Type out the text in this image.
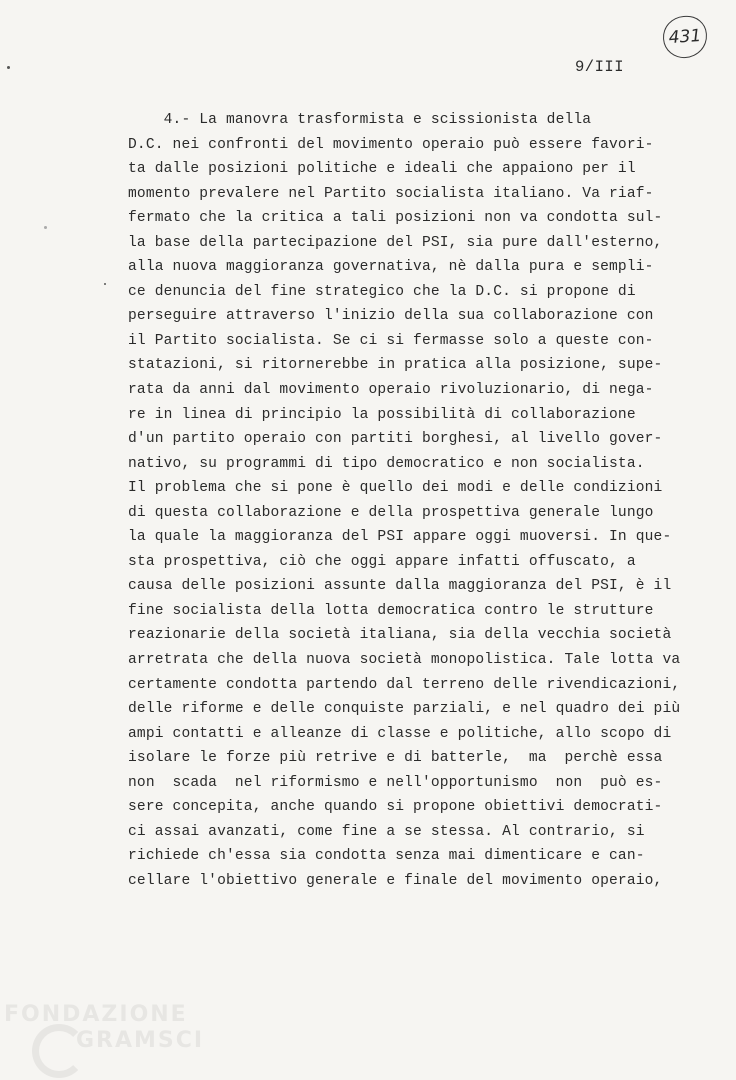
431
9/III
4.- La manovra trasformista e scissionista della
D.C. nei confronti del movimento operaio può essere favori-
ta dalle posizioni politiche e ideali che appaiono per il
momento prevalere nel Partito socialista italiano. Va riaf-
fermato che la critica a tali posizioni non va condotta sul-
la base della partecipazione del PSI, sia pure dall'esterno,
alla nuova maggioranza governativa, nè dalla pura e sempli-
ce denuncia del fine strategico che la D.C. si propone di
perseguire attraverso l'inizio della sua collaborazione con
il Partito socialista. Se ci si fermasse solo a queste con-
statazioni, si ritornerebbe in pratica alla posizione, supe-
rata da anni dal movimento operaio rivoluzionario, di nega-
re in linea di principio la possibilità di collaborazione
d'un partito operaio con partiti borghesi, al livello gover-
nativo, su programmi di tipo democratico e non socialista.
Il problema che si pone è quello dei modi e delle condizioni
di questa collaborazione e della prospettiva generale lungo
la quale la maggioranza del PSI appare oggi muoversi. In que-
sta prospettiva, ciò che oggi appare infatti offuscato, a
causa delle posizioni assunte dalla maggioranza del PSI, è il
fine socialista della lotta democratica contro le strutture
reazionarie della società italiana, sia della vecchia società
arretrata che della nuova società monopolistica. Tale lotta va
certamente condotta partendo dal terreno delle rivendicazioni,
delle riforme e delle conquiste parziali, e nel quadro dei più
ampi contatti e alleanze di classe e politiche, allo scopo di
isolare le forze più retrive e di batterle,  ma  perchè essa
non  scada  nel riformismo e nell'opportunismo  non  può es-
sere concepita, anche quando si propone obiettivi democrati-
ci assai avanzati, come fine a se stessa. Al contrario, si
richiede ch'essa sia condotta senza mai dimenticare e can-
cellare l'obiettivo generale e finale del movimento operaio,
FONDAZIONE
GRAMSCI
